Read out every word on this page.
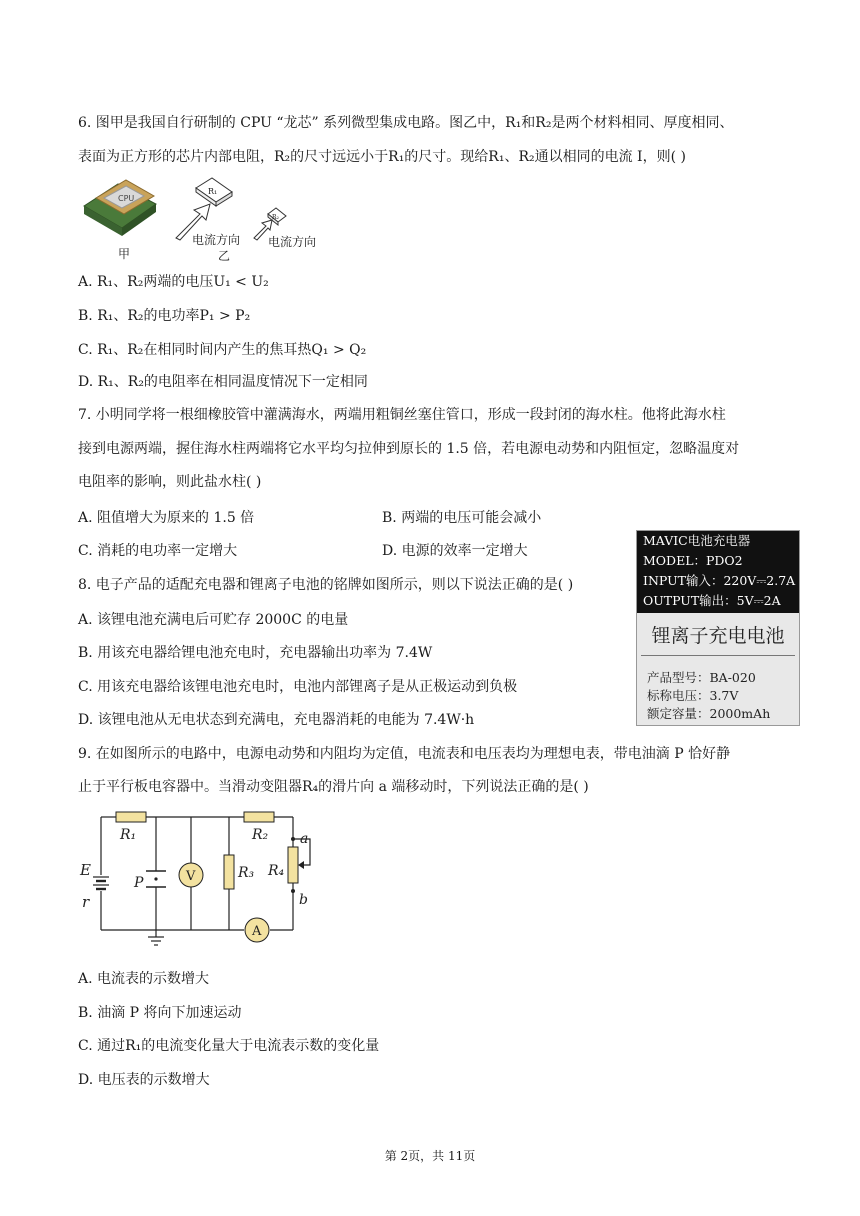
6. 图甲是我国自行研制的 CPU “龙芯” 系列微型集成电路。图乙中，R₁和R₂是两个材料相同、厚度相同、
表面为正方形的芯片内部电阻，R₂的尺寸远远小于R₁的尺寸。现给R₁、R₂通以相同的电流 I，则( )
CPU
甲
R₁
电流方向
乙
R₂
电流方向
A. R₁、R₂两端的电压U₁ < U₂
B. R₁、R₂的电功率P₁ > P₂
C. R₁、R₂在相同时间内产生的焦耳热Q₁ > Q₂
D. R₁、R₂的电阻率在相同温度情况下一定相同
7. 小明同学将一根细橡胶管中灌满海水，两端用粗铜丝塞住管口，形成一段封闭的海水柱。他将此海水柱
接到电源两端，握住海水柱两端将它水平均匀拉伸到原长的 1.5 倍，若电源电动势和内阻恒定，忽略温度对
电阻率的影响，则此盐水柱( )
A. 阻值增大为原来的 1.5 倍	B. 两端的电压可能会减小
C. 消耗的电功率一定增大	D. 电源的效率一定增大
8. 电子产品的适配充电器和锂离子电池的铭牌如图所示，则以下说法正确的是( )
A. 该锂电池充满电后可贮存 2000C 的电量
B. 用该充电器给锂电池充电时，充电器输出功率为 7.4W
C. 用该充电器给该锂电池充电时，电池内部锂离子是从正极运动到负极
D. 该锂电池从无电状态到充满电，充电器消耗的电能为 7.4W·h
MAVIC电池充电器
MODEL：PDO2
INPUT输入：220V⎓2.7A
OUTPUT输出：5V⎓2A
锂离子充电电池
产品型号：BA-020
标称电压：3.7V
额定容量：2000mAh
9. 在如图所示的电路中，电源电动势和内阻均为定值，电流表和电压表均为理想电表，带电油滴 P 恰好静
止于平行板电容器中。当滑动变阻器R₄的滑片向 a 端移动时，下列说法正确的是( )
V
A
R₁	R₂
R₃ R₄
E
r
P
a
b
A. 电流表的示数增大
B. 油滴 P 将向下加速运动
C. 通过R₁的电流变化量大于电流表示数的变化量
D. 电压表的示数增大
第 2页，共 11页
